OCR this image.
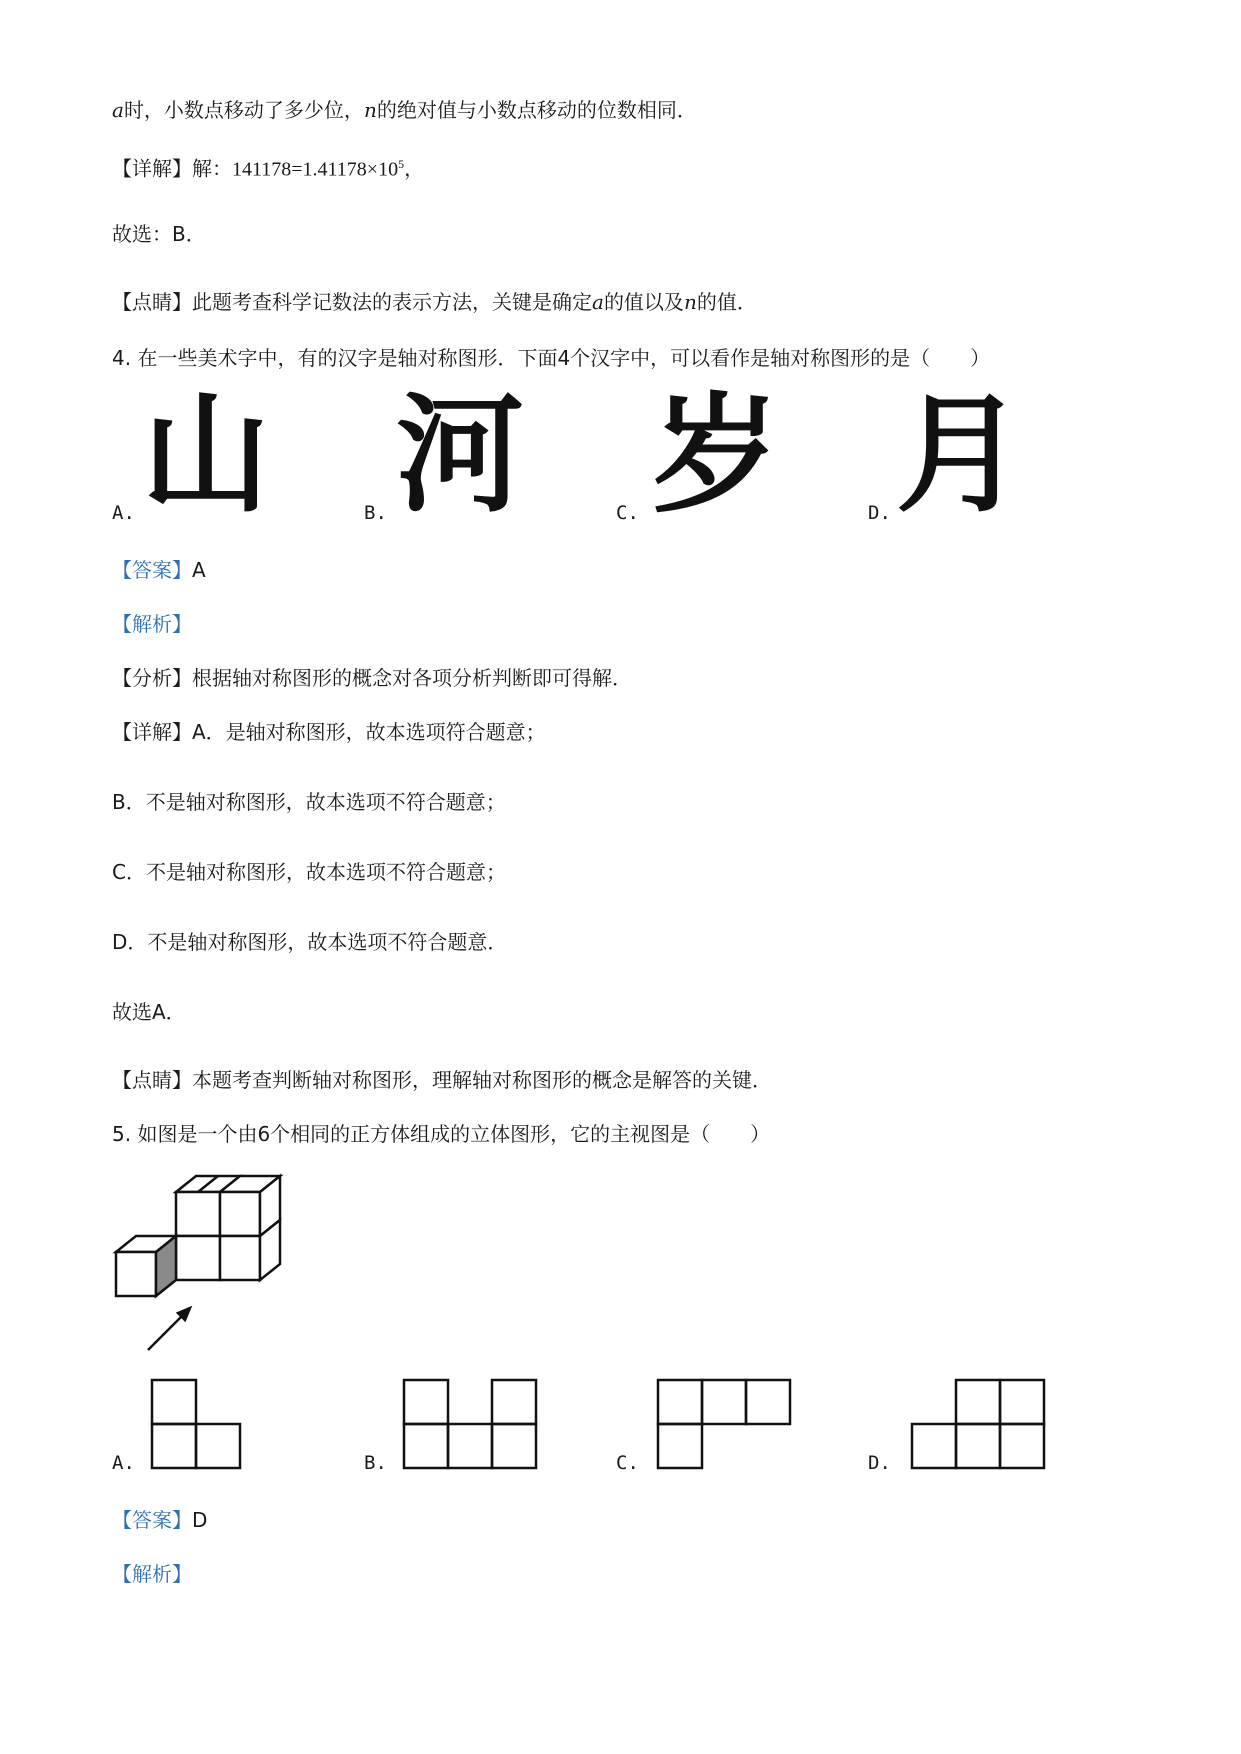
a时，小数点移动了多少位，n的绝对值与小数点移动的位数相同．
【详解】解：$141178=1.41178\times 10^5$，
故选：B．
【点睛】此题考查科学记数法的表示方法，关键是确定a的值以及n的值．
4. 在一些美术字中，有的汉字是轴对称图形．下面4个汉字中，可以看作是轴对称图形的是（　　）
A. 山	B. 河	C. 岁	D. 月
【答案】A
【解析】
【分析】根据轴对称图形的概念对各项分析判断即可得解．
【详解】A．是轴对称图形，故本选项符合题意；
B．不是轴对称图形，故本选项不符合题意；
C．不是轴对称图形，故本选项不符合题意；
D．不是轴对称图形，故本选项不符合题意．
故选A．
【点睛】本题考查判断轴对称图形，理解轴对称图形的概念是解答的关键．
5. 如图是一个由6个相同的正方体组成的立体图形，它的主视图是（　　）
A.	B.	C.	D.
【答案】D
【解析】
